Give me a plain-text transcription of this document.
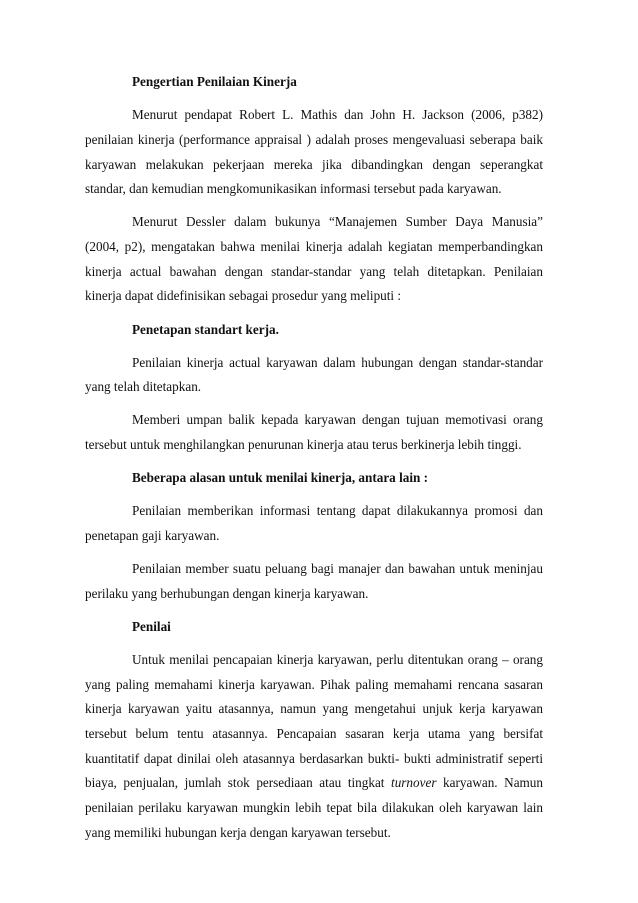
Pengertian Penilaian Kinerja

Menurut pendapat Robert L. Mathis dan John H. Jackson (2006, p382) penilaian kinerja (performance appraisal ) adalah proses mengevaluasi seberapa baik karyawan melakukan pekerjaan mereka jika dibandingkan dengan seperangkat standar, dan kemudian mengkomunikasikan informasi tersebut pada karyawan.

Menurut Dessler dalam bukunya “Manajemen Sumber Daya Manusia” (2004, p2), mengatakan bahwa menilai kinerja adalah kegiatan memperbandingkan kinerja actual bawahan dengan standar-standar yang telah ditetapkan. Penilaian kinerja dapat didefinisikan sebagai prosedur yang meliputi :

Penetapan standart kerja.

Penilaian kinerja actual karyawan dalam hubungan dengan standar-standar yang telah ditetapkan.

Memberi umpan balik kepada karyawan dengan tujuan memotivasi orang tersebut untuk menghilangkan penurunan kinerja atau terus berkinerja lebih tinggi.

Beberapa alasan untuk menilai kinerja, antara lain :

Penilaian memberikan informasi tentang dapat dilakukannya promosi dan penetapan gaji karyawan.

Penilaian member suatu peluang bagi manajer dan bawahan untuk meninjau perilaku yang berhubungan dengan kinerja karyawan.

Penilai

Untuk menilai pencapaian kinerja karyawan, perlu ditentukan orang – orang yang paling memahami kinerja karyawan. Pihak paling memahami rencana sasaran kinerja karyawan yaitu atasannya, namun yang mengetahui unjuk kerja karyawan tersebut belum tentu atasannya. Pencapaian sasaran kerja utama yang bersifat kuantitatif dapat dinilai oleh atasannya berdasarkan bukti- bukti administratif seperti biaya, penjualan, jumlah stok persediaan atau tingkat turnover karyawan. Namun penilaian perilaku karyawan mungkin lebih tepat bila dilakukan oleh karyawan lain yang memiliki hubungan kerja dengan karyawan tersebut.
